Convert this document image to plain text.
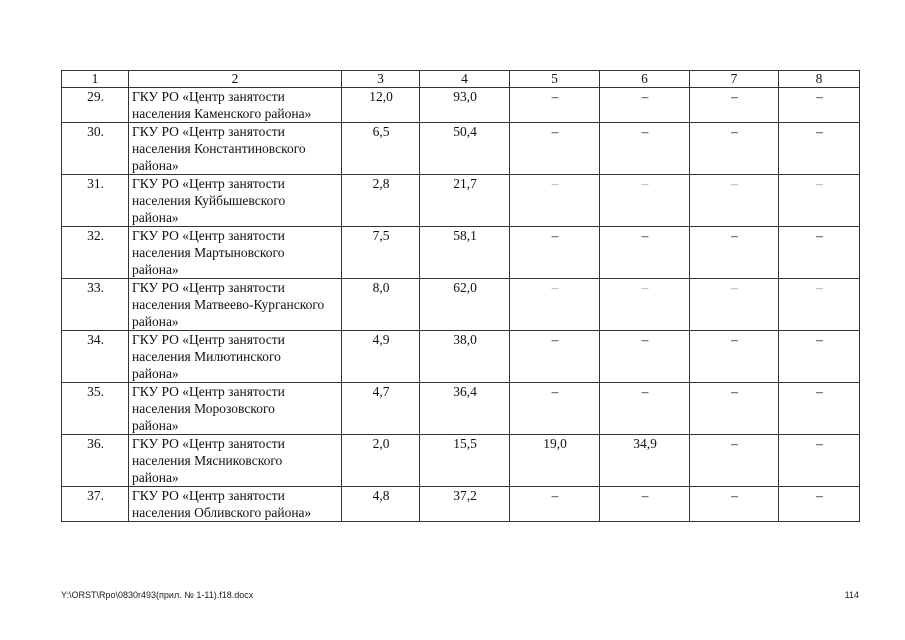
1	2	3	4	5	6	7	8
29.	ГКУ РО «Центр занятости
населения Каменского района»	12,0	93,0	–	–	–	–
30.	ГКУ РО «Центр занятости
населения Константиновского
района»	6,5	50,4	–	–	–	–
31.	ГКУ РО «Центр занятости
населения Куйбышевского
района»	2,8	21,7	–	–	–	–
32.	ГКУ РО «Центр занятости
населения Мартыновского
района»	7,5	58,1	–	–	–	–
33.	ГКУ РО «Центр занятости
населения Матвеево-Курганского
района»	8,0	62,0	–	–	–	–
34.	ГКУ РО «Центр занятости
населения Милютинского
района»	4,9	38,0	–	–	–	–
35.	ГКУ РО «Центр занятости
населения Морозовского
района»	4,7	36,4	–	–	–	–
36.	ГКУ РО «Центр занятости
населения Мясниковского
района»	2,0	15,5	19,0	34,9	–	–
37.	ГКУ РО «Центр занятости
населения Обливского района»	4,8	37,2	–	–	–	–
Y:\ORST\Rpo\0830r493(прил. № 1-11).f18.docx	114
